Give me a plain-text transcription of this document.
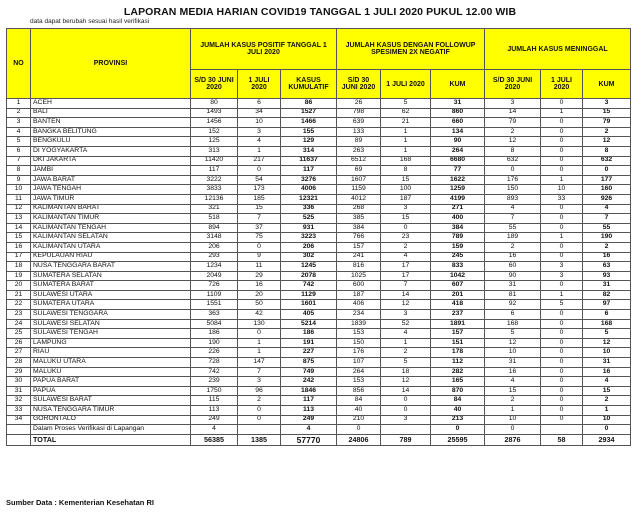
LAPORAN MEDIA HARIAN COVID19 TANGGAL 1 JULI 2020 PUKUL 12.00 WIB
data dapat berubah sesuai hasil verifikasi
NO	PROVINSI	JUMLAH KASUS POSITIF TANGGAL 1 JULI 2020			JUMLAH KASUS DENGAN FOLLOWUP SPESIMEN 2X NEGATIF			JUMLAH KASUS MENINGGAL		
		S/D 30 JUNI 2020	1 JULI 2020	KASUS KUMULATIF	S/D 30 JUNI 2020	1 JULI 2020	KUM	S/D 30 JUNI 2020	1 JULI 2020	KUM
1	ACEH	80	6	86	26	5	31	3	0	3
2	BALI	1493	34	1527	798	62	860	14	1	15
3	BANTEN	1456	10	1466	639	21	660	79	0	79
4	BANGKA BELITUNG	152	3	155	133	1	134	2	0	2
5	BENGKULU	125	4	129	89	1	90	12	0	12
6	DI YOGYAKARTA	313	1	314	263	1	264	8	0	8
7	DKI JAKARTA	11420	217	11637	6512	168	6680	632	0	632
8	JAMBI	117	0	117	69	8	77	0	0	0
9	JAWA BARAT	3222	54	3276	1607	15	1622	176	1	177
10	JAWA TENGAH	3833	173	4006	1159	100	1259	150	10	160
11	JAWA TIMUR	12136	185	12321	4012	187	4199	893	33	926
12	KALIMANTAN BARAT	321	15	336	268	3	271	4	0	4
13	KALIMANTAN TIMUR	518	7	525	385	15	400	7	0	7
14	KALIMANTAN TENGAH	894	37	931	384	0	384	55	0	55
15	KALIMANTAN SELATAN	3148	75	3223	766	23	789	189	1	190
16	KALIMANTAN UTARA	206	0	206	157	2	159	2	0	2
17	KEPULAUAN RIAU	293	9	302	241	4	245	16	0	16
18	NUSA TENGGARA BARAT	1234	11	1245	816	17	833	60	3	63
19	SUMATERA SELATAN	2049	29	2078	1025	17	1042	90	3	93
20	SUMATERA BARAT	726	16	742	600	7	607	31	0	31
21	SULAWESI UTARA	1109	20	1129	187	14	201	81	1	82
22	SUMATERA UTARA	1551	50	1601	406	12	418	92	5	97
23	SULAWESI TENGGARA	363	42	405	234	3	237	6	0	6
24	SULAWESI SELATAN	5084	130	5214	1839	52	1891	168	0	168
25	SULAWESI TENGAH	186	0	186	153	4	157	5	0	5
26	LAMPUNG	190	1	191	150	1	151	12	0	12
27	RIAU	226	1	227	176	2	178	10	0	10
28	MALUKU UTARA	728	147	875	107	5	112	31	0	31
29	MALUKU	742	7	749	264	18	282	16	0	16
30	PAPUA BARAT	239	3	242	153	12	165	4	0	4
31	PAPUA	1750	96	1846	856	14	870	15	0	15
32	SULAWESI BARAT	115	2	117	84	0	84	2	0	2
33	NUSA TENGGARA TIMUR	113	0	113	40	0	40	1	0	1
34	GORONTALO	249	0	249	210	3	213	10	0	10
	Dalam Proses Verifikasi di Lapangan	4		4	0		0	0		0
	TOTAL	56385	1385	57770	24806	789	25595	2876	58	2934
Sumber Data : Kementerian Kesehatan RI
